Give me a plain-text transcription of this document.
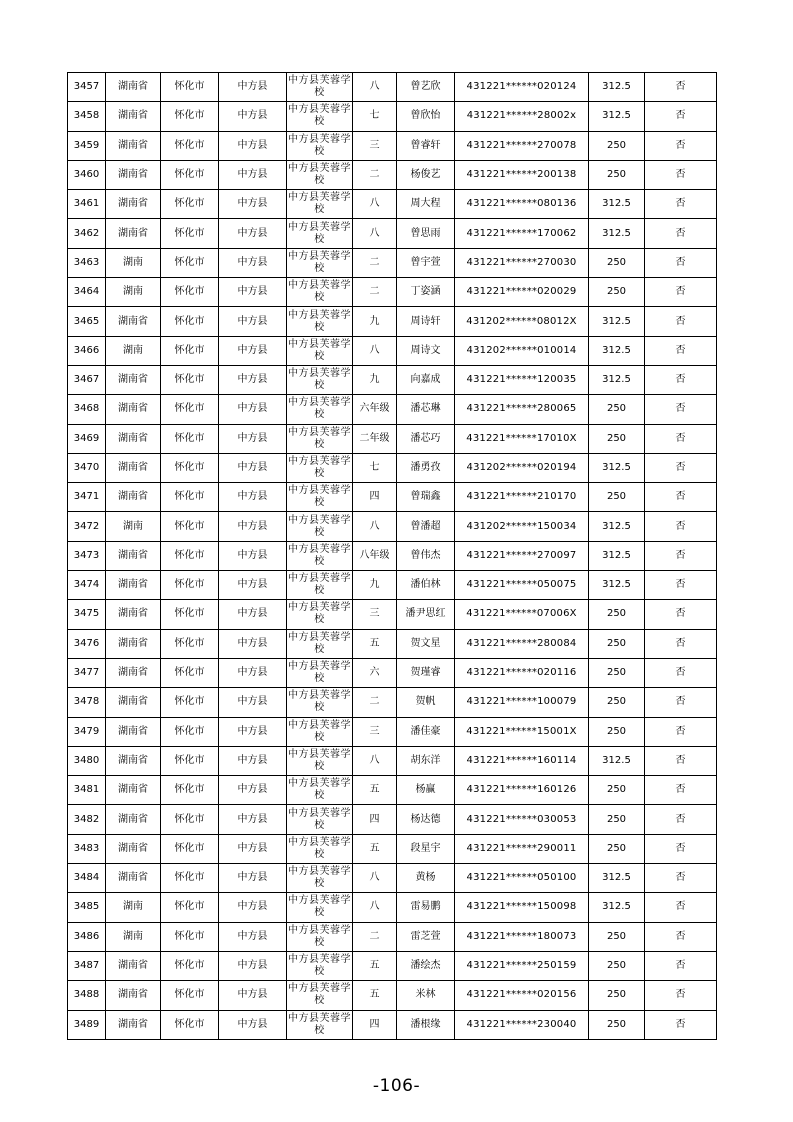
3457	湖南省	怀化市	中方县	中方县芙蓉学校	八	曾艺欣	431221******020124	312.5	否
3458	湖南省	怀化市	中方县	中方县芙蓉学校	七	曾欣怡	431221******28002x	312.5	否
3459	湖南省	怀化市	中方县	中方县芙蓉学校	三	曾睿轩	431221******270078	250	否
3460	湖南省	怀化市	中方县	中方县芙蓉学校	二	杨俊艺	431221******200138	250	否
3461	湖南省	怀化市	中方县	中方县芙蓉学校	八	周大程	431221******080136	312.5	否
3462	湖南省	怀化市	中方县	中方县芙蓉学校	八	曾思雨	431221******170062	312.5	否
3463	湖南	怀化市	中方县	中方县芙蓉学校	二	曾宇萱	431221******270030	250	否
3464	湖南	怀化市	中方县	中方县芙蓉学校	二	丁姿涵	431221******020029	250	否
3465	湖南省	怀化市	中方县	中方县芙蓉学校	九	周诗轩	431202******08012X	312.5	否
3466	湖南	怀化市	中方县	中方县芙蓉学校	八	周诗文	431202******010014	312.5	否
3467	湖南省	怀化市	中方县	中方县芙蓉学校	九	向嘉成	431221******120035	312.5	否
3468	湖南省	怀化市	中方县	中方县芙蓉学校	六年级	潘芯琳	431221******280065	250	否
3469	湖南省	怀化市	中方县	中方县芙蓉学校	二年级	潘芯巧	431221******17010X	250	否
3470	湖南省	怀化市	中方县	中方县芙蓉学校	七	潘勇孜	431202******020194	312.5	否
3471	湖南省	怀化市	中方县	中方县芙蓉学校	四	曾瑞鑫	431221******210170	250	否
3472	湖南	怀化市	中方县	中方县芙蓉学校	八	曾潘超	431202******150034	312.5	否
3473	湖南省	怀化市	中方县	中方县芙蓉学校	八年级	曾伟杰	431221******270097	312.5	否
3474	湖南省	怀化市	中方县	中方县芙蓉学校	九	潘伯林	431221******050075	312.5	否
3475	湖南省	怀化市	中方县	中方县芙蓉学校	三	潘尹思红	431221******07006X	250	否
3476	湖南省	怀化市	中方县	中方县芙蓉学校	五	贺文星	431221******280084	250	否
3477	湖南省	怀化市	中方县	中方县芙蓉学校	六	贺瑾睿	431221******020116	250	否
3478	湖南省	怀化市	中方县	中方县芙蓉学校	二	贺帆	431221******100079	250	否
3479	湖南省	怀化市	中方县	中方县芙蓉学校	三	潘佳豪	431221******15001X	250	否
3480	湖南省	怀化市	中方县	中方县芙蓉学校	八	胡东洋	431221******160114	312.5	否
3481	湖南省	怀化市	中方县	中方县芙蓉学校	五	杨赢	431221******160126	250	否
3482	湖南省	怀化市	中方县	中方县芙蓉学校	四	杨达德	431221******030053	250	否
3483	湖南省	怀化市	中方县	中方县芙蓉学校	五	段星宇	431221******290011	250	否
3484	湖南省	怀化市	中方县	中方县芙蓉学校	八	黄杨	431221******050100	312.5	否
3485	湖南	怀化市	中方县	中方县芙蓉学校	八	雷易鹏	431221******150098	312.5	否
3486	湖南	怀化市	中方县	中方县芙蓉学校	二	雷芝萱	431221******180073	250	否
3487	湖南省	怀化市	中方县	中方县芙蓉学校	五	潘绘杰	431221******250159	250	否
3488	湖南省	怀化市	中方县	中方县芙蓉学校	五	米林	431221******020156	250	否
3489	湖南省	怀化市	中方县	中方县芙蓉学校	四	潘根缘	431221******230040	250	否
-106-
